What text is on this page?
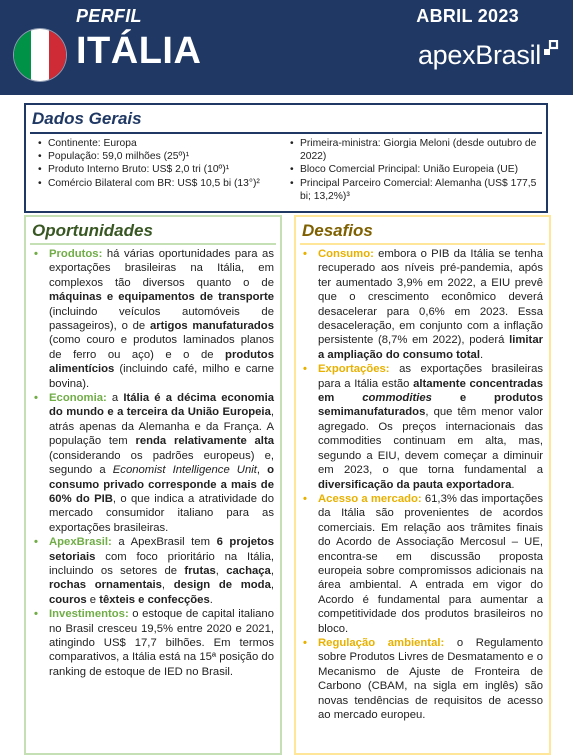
PERFIL
ITÁLIA
ABRIL 2023
apexBrasil
Dados Gerais
• Continente: Europa
• População: 59,0 milhões (25º)¹
• Produto Interno Bruto: US$ 2,0 tri (10º)¹
• Comércio Bilateral com BR: US$ 10,5 bi (13°)²
• Primeira-ministra: Giorgia Meloni (desde outubro de 2022)
• Bloco Comercial Principal: União Europeia (UE)
• Principal Parceiro Comercial: Alemanha (US$ 177,5 bi; 13,2%)³
Oportunidades
• Produtos: há várias oportunidades para as exportações brasileiras na Itália, em complexos tão diversos quanto o de máquinas e equipamentos de transporte (incluindo veículos automóveis de passageiros), o de artigos manufaturados (como couro e produtos laminados planos de ferro ou aço) e o de produtos alimentícios (incluindo café, milho e carne bovina).
• Economia: a Itália é a décima economia do mundo e a terceira da União Europeia, atrás apenas da Alemanha e da França. A população tem renda relativamente alta (considerando os padrões europeus) e, segundo a Economist Intelligence Unit, o consumo privado corresponde a mais de 60% do PIB, o que indica a atratividade do mercado consumidor italiano para as exportações brasileiras.
• ApexBrasil: a ApexBrasil tem 6 projetos setoriais com foco prioritário na Itália, incluindo os setores de frutas, cachaça, rochas ornamentais, design de moda, couros e têxteis e confecções.
• Investimentos: o estoque de capital italiano no Brasil cresceu 19,5% entre 2020 e 2021, atingindo US$ 17,7 bilhões. Em termos comparativos, a Itália está na 15ª posição do ranking de estoque de IED no Brasil.
Desafios
• Consumo: embora o PIB da Itália se tenha recuperado aos níveis pré-pandemia, após ter aumentado 3,9% em 2022, a EIU prevê que o crescimento econômico deverá desacelerar para 0,6% em 2023. Essa desaceleração, em conjunto com a inflação persistente (8,7% em 2022), poderá limitar a ampliação do consumo total.
• Exportações: as exportações brasileiras para a Itália estão altamente concentradas em commodities e produtos semimanufaturados, que têm menor valor agregado. Os preços internacionais das commodities continuam em alta, mas, segundo a EIU, devem começar a diminuir em 2023, o que torna fundamental a diversificação da pauta exportadora.
• Acesso a mercado: 61,3% das importações da Itália são provenientes de acordos comerciais. Em relação aos trâmites finais do Acordo de Associação Mercosul – UE, encontra-se em discussão proposta europeia sobre compromissos adicionais na área ambiental. A entrada em vigor do Acordo é fundamental para aumentar a competitividade dos produtos brasileiros no bloco.
• Regulação ambiental: o Regulamento sobre Produtos Livres de Desmatamento e o Mecanismo de Ajuste de Fronteira de Carbono (CBAM, na sigla em inglês) são novas tendências de requisitos de acesso ao mercado europeu.
